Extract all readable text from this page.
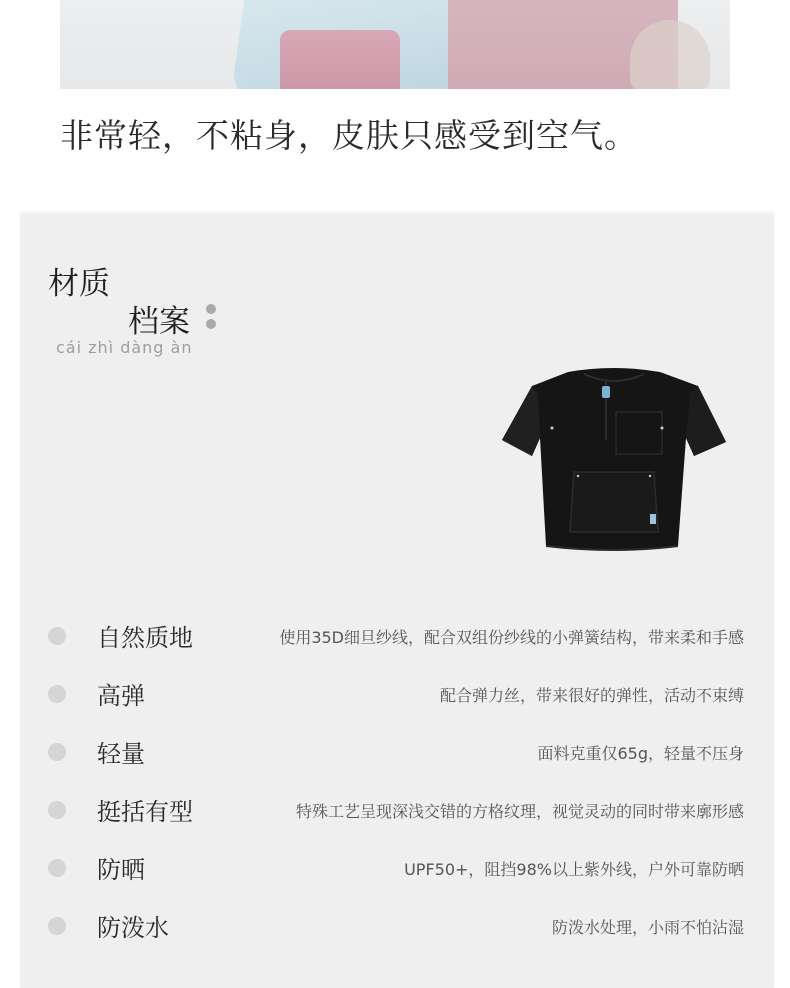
非常轻，不粘身，皮肤只感受到空气。
材质
档案
cái zhì dàng àn
自然质地	使用35D细旦纱线，配合双组份纱线的小弹簧结构，带来柔和手感
高弹	配合弹力丝，带来很好的弹性，活动不束缚
轻量	面料克重仅65g，轻量不压身
挺括有型	特殊工艺呈现深浅交错的方格纹理，视觉灵动的同时带来廓形感
防晒	UPF50+，阻挡98%以上紫外线，户外可靠防晒
防泼水	防泼水处理，小雨不怕沾湿
